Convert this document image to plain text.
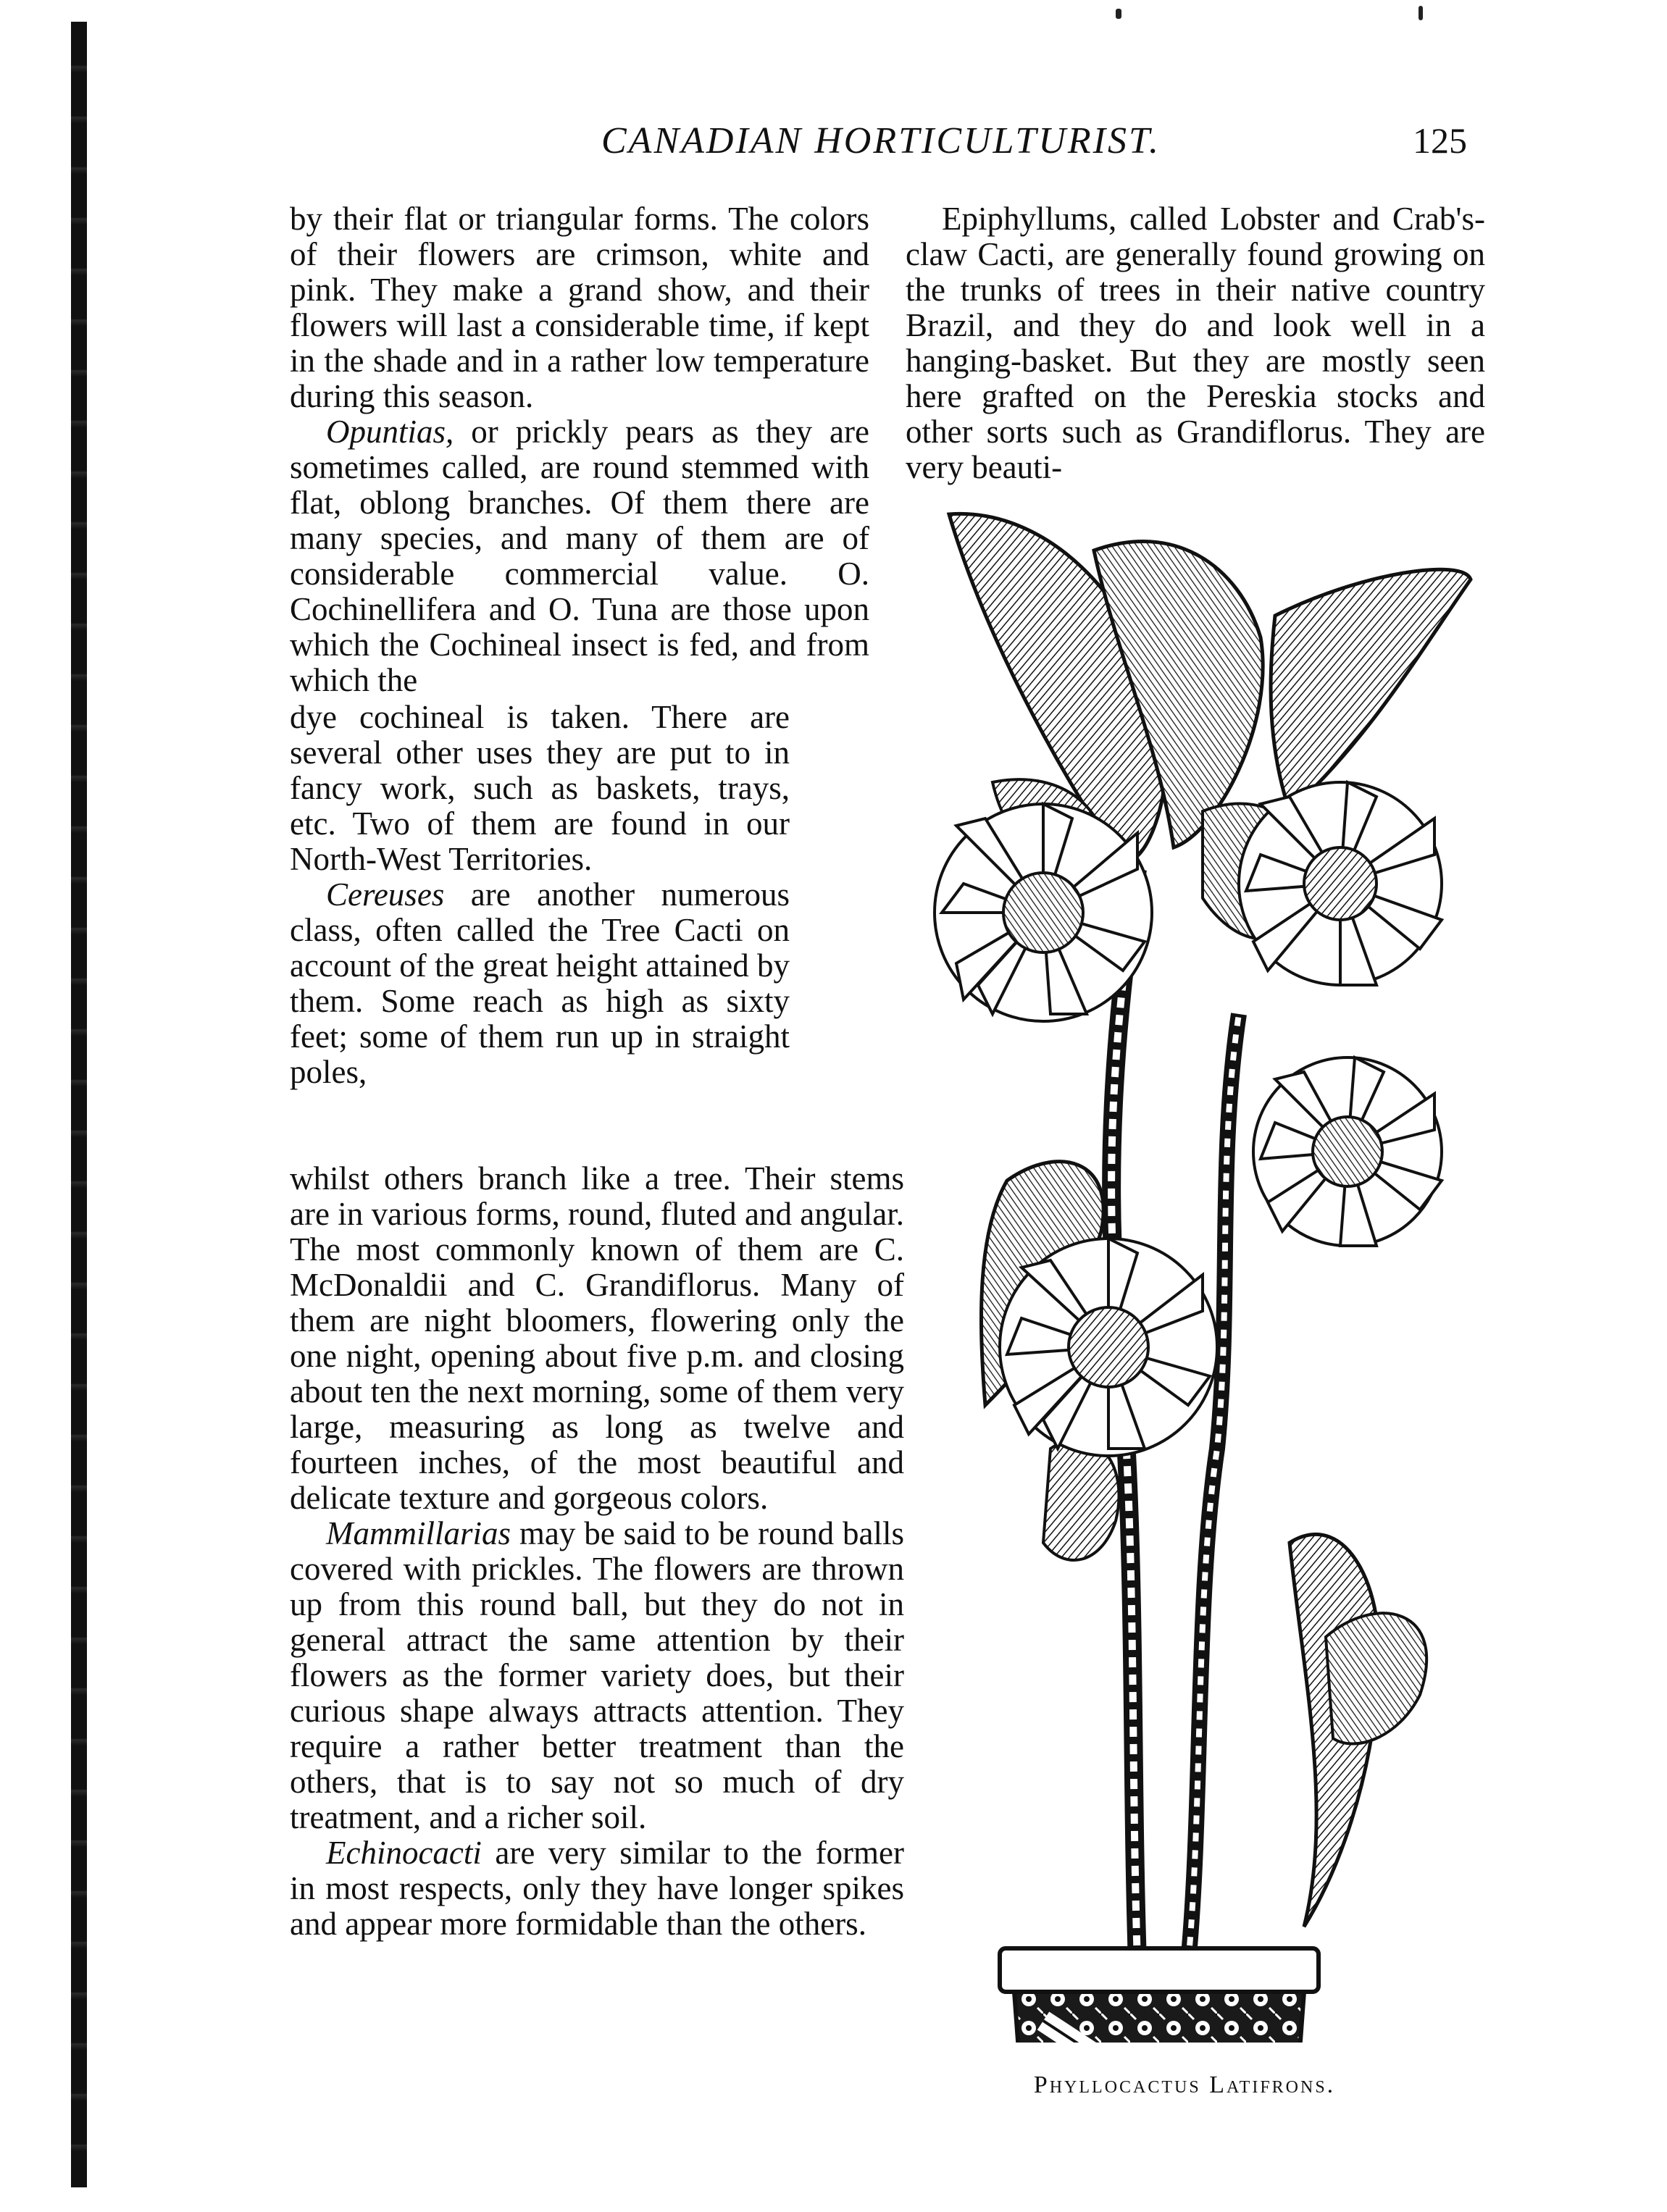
CANADIAN HORTICULTURIST.	125

by their flat or triangular forms. The colors of their flowers are crimson, white and pink. They make a grand show, and their flowers will last a considerable time, if kept in the shade and in a rather low temperature during this season.

Opuntias, or prickly pears as they are sometimes called, are round stemmed with flat, oblong branches. Of them there are many species, and many of them are of considerable commercial value. O. Cochinellifera and O. Tuna are those upon which the Cochineal insect is fed, and from which the

dye cochineal is taken. There are several other uses they are put to in fancy work, such as baskets, trays, etc. Two of them are found in our North-West Territories.

Cereuses are another numerous class, often called the Tree Cacti on account of the great height attained by them. Some reach as high as sixty feet; some of them run up in straight poles,

whilst others branch like a tree. Their stems are in various forms, round, fluted and angular. The most commonly known of them are C. McDonaldii and C. Grandiflorus. Many of them are night bloomers, flowering only the one night, opening about five p.m. and closing about ten the next morning, some of them very large, measuring as long as twelve and fourteen inches, of the most beautiful and delicate texture and gorgeous colors.

Mammillarias may be said to be round balls covered with prickles. The flowers are thrown up from this round ball, but they do not in general attract the same attention by their flowers as the former variety does, but their curious shape always attracts attention. They require a rather better treatment than the others, that is to say not so much of dry treatment, and a richer soil.

Echinocacti are very similar to the former in most respects, only they have longer spikes and appear more formidable than the others.

Epiphyllums, called Lobster and Crab's-claw Cacti, are generally found growing on the trunks of trees in their native country Brazil, and they do and look well in a hanging-basket. But they are mostly seen here grafted on the Pereskia stocks and other sorts such as Grandiflorus. They are very beauti-

Phyllocactus Latifrons.
